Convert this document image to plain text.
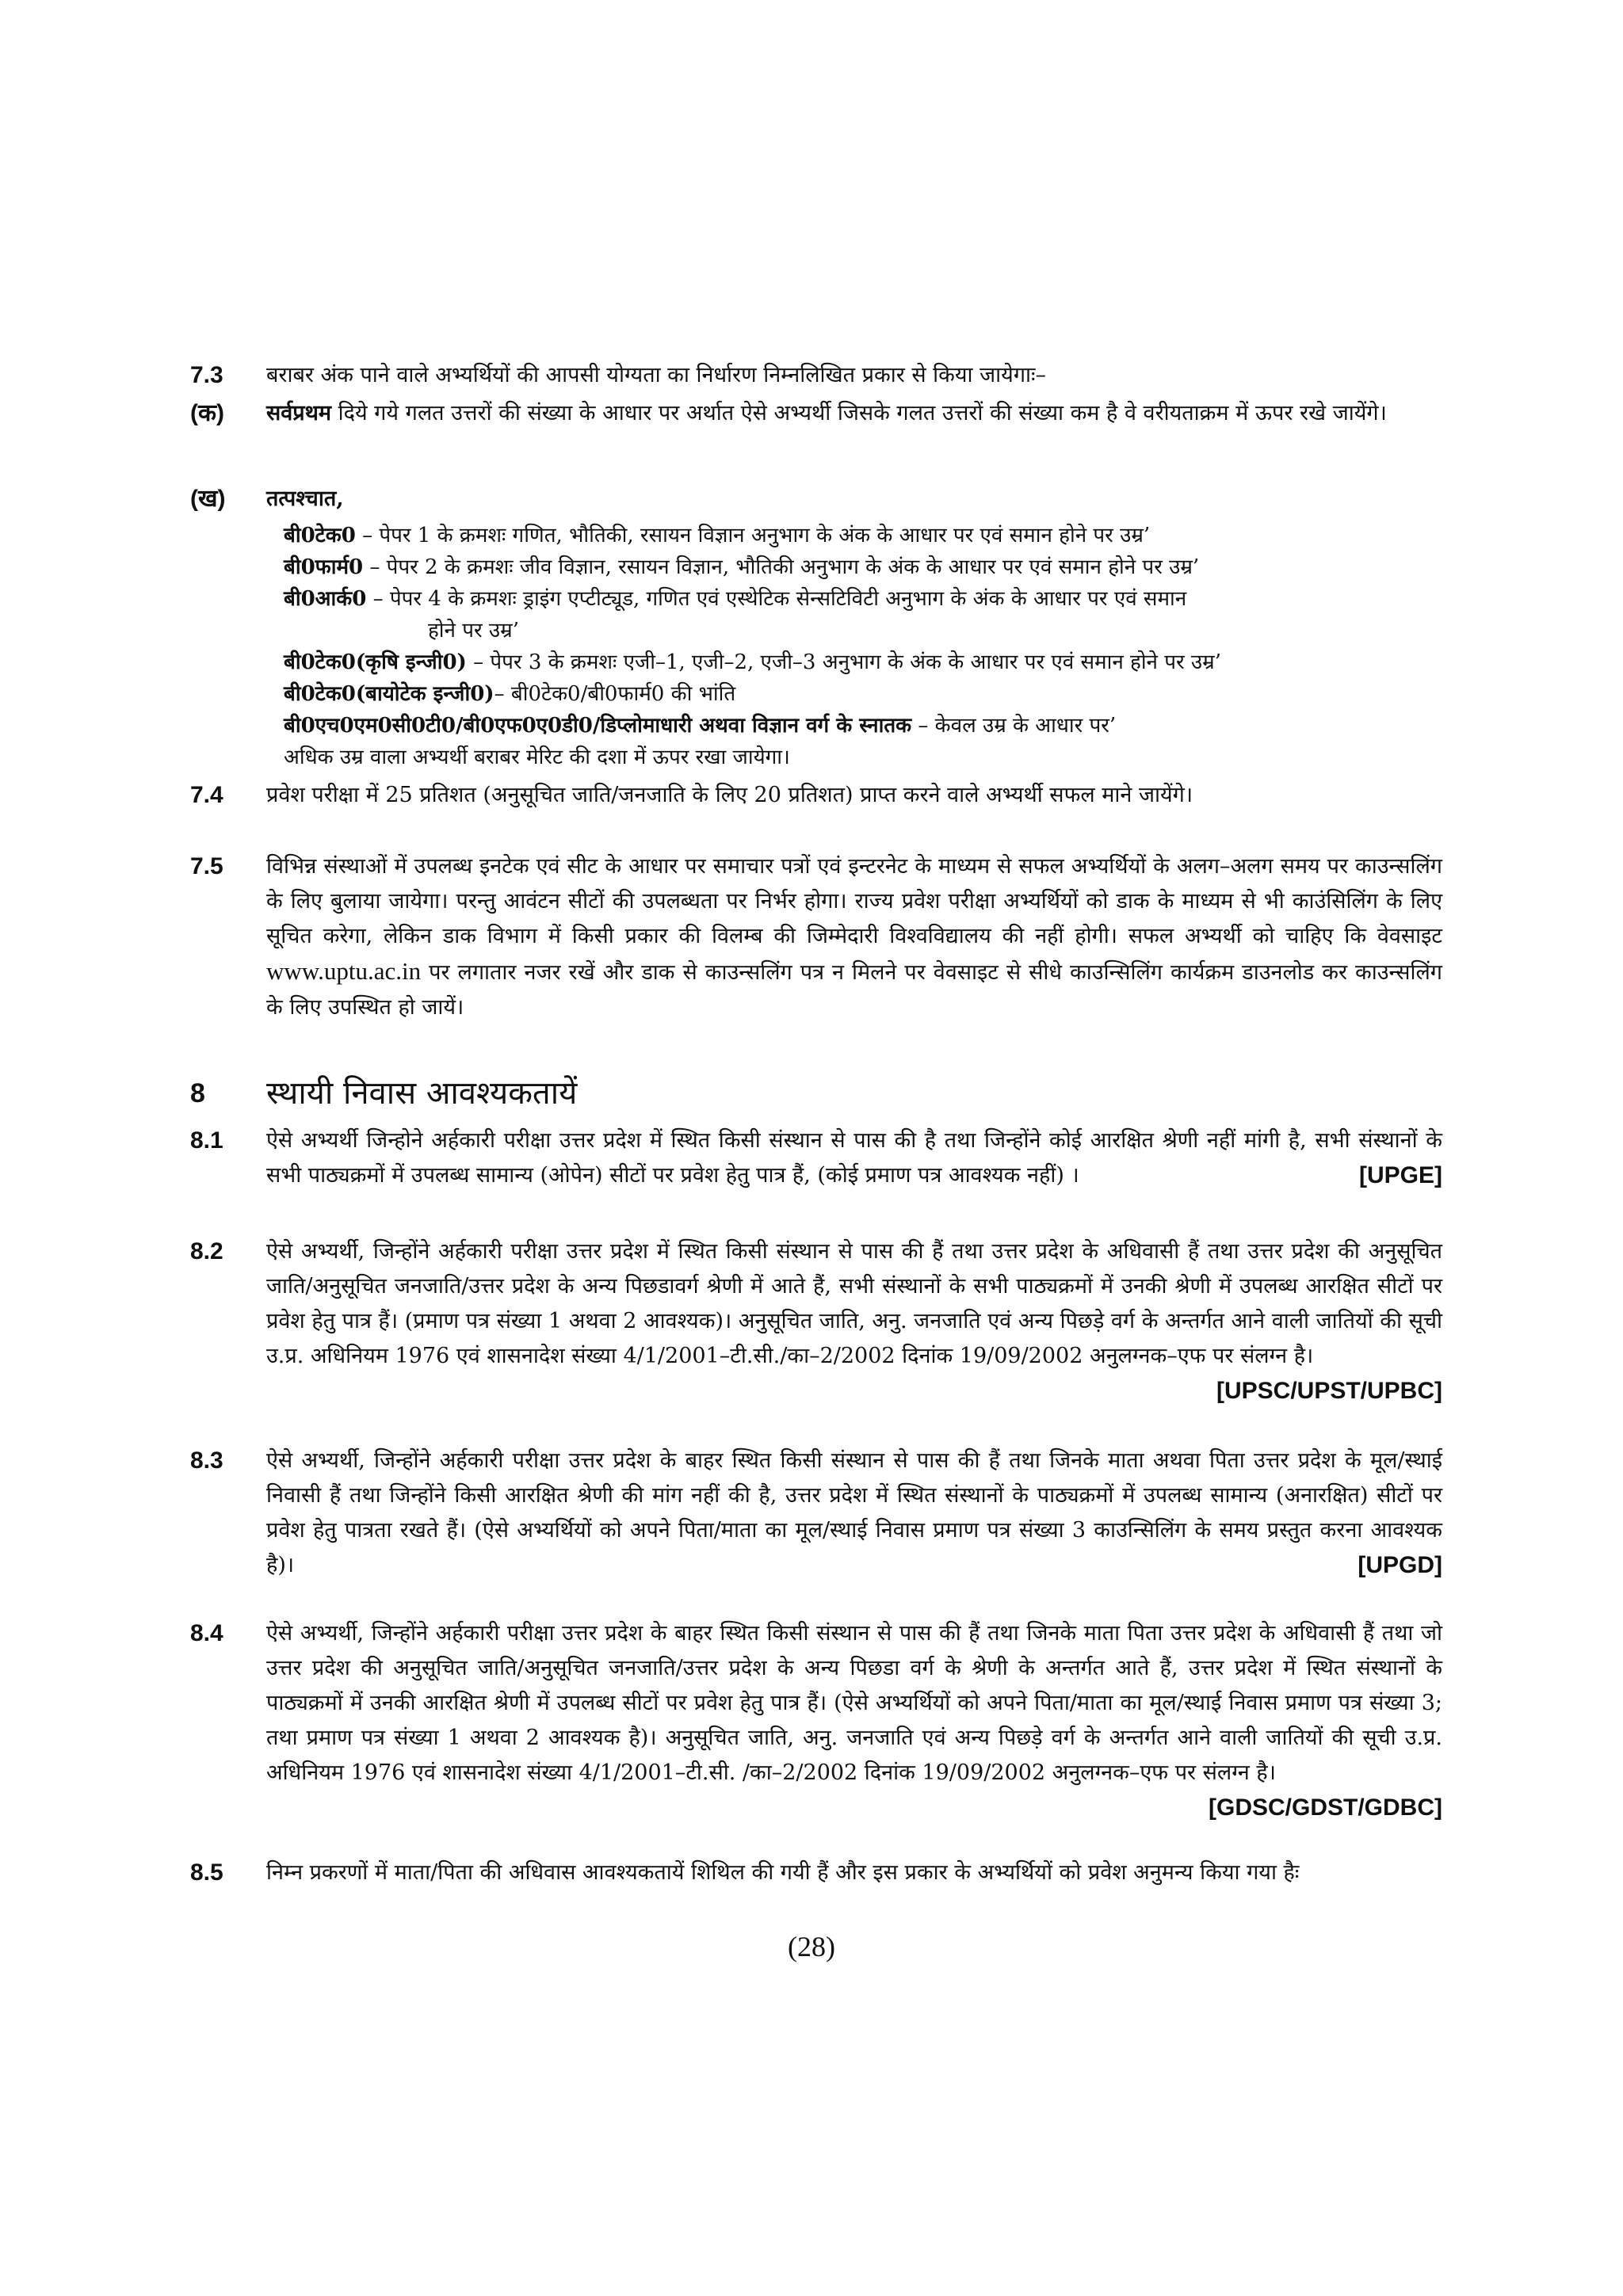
7.3	बराबर अंक पाने वाले अभ्यर्थियों की आपसी योग्यता का निर्धारण निम्नलिखित प्रकार से किया जायेगाः–
(क)	सर्वप्रथम दिये गये गलत उत्तरों की संख्या के आधार पर अर्थात ऐसे अभ्यर्थी जिसके गलत उत्तरों की संख्या कम है वे वरीयताक्रम में ऊपर रखे जायेंगे।
(ख)	तत्पश्चात,
बी0टेक0 – पेपर 1 के क्रमशः गणित, भौतिकी, रसायन विज्ञान अनुभाग के अंक के आधार पर एवं समान होने पर उम्र’
बी0फार्म0 – पेपर 2 के क्रमशः जीव विज्ञान, रसायन विज्ञान, भौतिकी अनुभाग के अंक के आधार पर एवं समान होने पर उम्र’
बी0आर्क0 – पेपर 4 के क्रमशः ड्राइंग एप्टीट्यूड, गणित एवं एस्थेटिक सेन्सटिविटी अनुभाग के अंक के आधार पर एवं समान
होने पर उम्र’
बी0टेक0(कृषि इन्जी0) – पेपर 3 के क्रमशः एजी–1, एजी–2, एजी–3 अनुभाग के अंक के आधार पर एवं समान होने पर उम्र’
बी0टेक0(बायोटेक इन्जी0)– बी0टेक0/बी0फार्म0 की भांति
बी0एच0एम0सी0टी0/बी0एफ0ए0डी0/डिप्लोमाधारी अथवा विज्ञान वर्ग के स्नातक – केवल उम्र के आधार पर’
अधिक उम्र वाला अभ्यर्थी बराबर मेरिट की दशा में ऊपर रखा जायेगा।
7.4	प्रवेश परीक्षा में 25 प्रतिशत (अनुसूचित जाति/जनजाति के लिए 20 प्रतिशत) प्राप्त करने वाले अभ्यर्थी सफल माने जायेंगे।
7.5	विभिन्न संस्थाओं में उपलब्ध इनटेक एवं सीट के आधार पर समाचार पत्रों एवं इन्टरनेट के माध्यम से सफल अभ्यर्थियों के अलग–अलग समय पर काउन्सलिंग के लिए बुलाया जायेगा। परन्तु आवंटन सीटों की उपलब्धता पर निर्भर होगा। राज्य प्रवेश परीक्षा अभ्यर्थियों को डाक के माध्यम से भी काउंसिलिंग के लिए सूचित करेगा, लेकिन डाक विभाग में किसी प्रकार की विलम्ब की जिम्मेदारी विश्वविद्यालय की नहीं होगी। सफल अभ्यर्थी को चाहिए कि वेवसाइट www.uptu.ac.in पर लगातार नजर रखें और डाक से काउन्सलिंग पत्र न मिलने पर वेवसाइट से सीधे काउन्सिलिंग कार्यक्रम डाउनलोड कर काउन्सलिंग के लिए उपस्थित हो जायें।
8	स्थायी निवास आवश्यकतायें
8.1	ऐसे अभ्यर्थी जिन्होने अर्हकारी परीक्षा उत्तर प्रदेश में स्थित किसी संस्थान से पास की है तथा जिन्होंने कोई आरक्षित श्रेणी नहीं मांगी है, सभी संस्थानों के सभी पाठ्यक्रमों में उपलब्ध सामान्य (ओपेन) सीटों पर प्रवेश हेतु पात्र हैं, (कोई प्रमाण पत्र आवश्यक नहीं) ।	[UPGE]
8.2	ऐसे अभ्यर्थी, जिन्होंने अर्हकारी परीक्षा उत्तर प्रदेश में स्थित किसी संस्थान से पास की हैं तथा उत्तर प्रदेश के अधिवासी हैं तथा उत्तर प्रदेश की अनुसूचित जाति/अनुसूचित जनजाति/उत्तर प्रदेश के अन्य पिछडावर्ग श्रेणी में आते हैं, सभी संस्थानों के सभी पाठ्यक्रमों में उनकी श्रेणी में उपलब्ध आरक्षित सीटों पर प्रवेश हेतु पात्र हैं। (प्रमाण पत्र संख्या 1 अथवा 2 आवश्यक)। अनुसूचित जाति, अनु. जनजाति एवं अन्य पिछड़े वर्ग के अन्तर्गत आने वाली जातियों की सूची उ.प्र. अधिनियम 1976 एवं शासनादेश संख्या 4/1/2001–टी.सी./का–2/2002 दिनांक 19/09/2002 अनुलग्नक–एफ पर संलग्न है।
[UPSC/UPST/UPBC]
8.3	ऐसे अभ्यर्थी, जिन्होंने अर्हकारी परीक्षा उत्तर प्रदेश के बाहर स्थित किसी संस्थान से पास की हैं तथा जिनके माता अथवा पिता उत्तर प्रदेश के मूल/स्थाई निवासी हैं तथा जिन्होंने किसी आरक्षित श्रेणी की मांग नहीं की है, उत्तर प्रदेश में स्थित संस्थानों के पाठ्यक्रमों में उपलब्ध सामान्य (अनारक्षित) सीटों पर प्रवेश हेतु पात्रता रखते हैं। (ऐसे अभ्यर्थियों को अपने पिता/माता का मूल/स्थाई निवास प्रमाण पत्र संख्या 3 काउन्सिलिंग के समय प्रस्तुत करना आवश्यक है)।	[UPGD]
8.4	ऐसे अभ्यर्थी, जिन्होंने अर्हकारी परीक्षा उत्तर प्रदेश के बाहर स्थित किसी संस्थान से पास की हैं तथा जिनके माता पिता उत्तर प्रदेश के अधिवासी हैं तथा जो उत्तर प्रदेश की अनुसूचित जाति/अनुसूचित जनजाति/उत्तर प्रदेश के अन्य पिछडा वर्ग के श्रेणी के अन्तर्गत आते हैं, उत्तर प्रदेश में स्थित संस्थानों के पाठ्यक्रमों में उनकी आरक्षित श्रेणी में उपलब्ध सीटों पर प्रवेश हेतु पात्र हैं। (ऐसे अभ्यर्थियों को अपने पिता/माता का मूल/स्थाई निवास प्रमाण पत्र संख्या 3; तथा प्रमाण पत्र संख्या 1 अथवा 2 आवश्यक है)। अनुसूचित जाति, अनु. जनजाति एवं अन्य पिछड़े वर्ग के अन्तर्गत आने वाली जातियों की सूची उ.प्र. अधिनियम 1976 एवं शासनादेश संख्या 4/1/2001–टी.सी. /का–2/2002 दिनांक 19/09/2002 अनुलग्नक–एफ पर संलग्न है।
[GDSC/GDST/GDBC]
8.5	निम्न प्रकरणों में माता/पिता की अधिवास आवश्यकतायें शिथिल की गयी हैं और इस प्रकार के अभ्यर्थियों को प्रवेश अनुमन्य किया गया हैः
(28)
